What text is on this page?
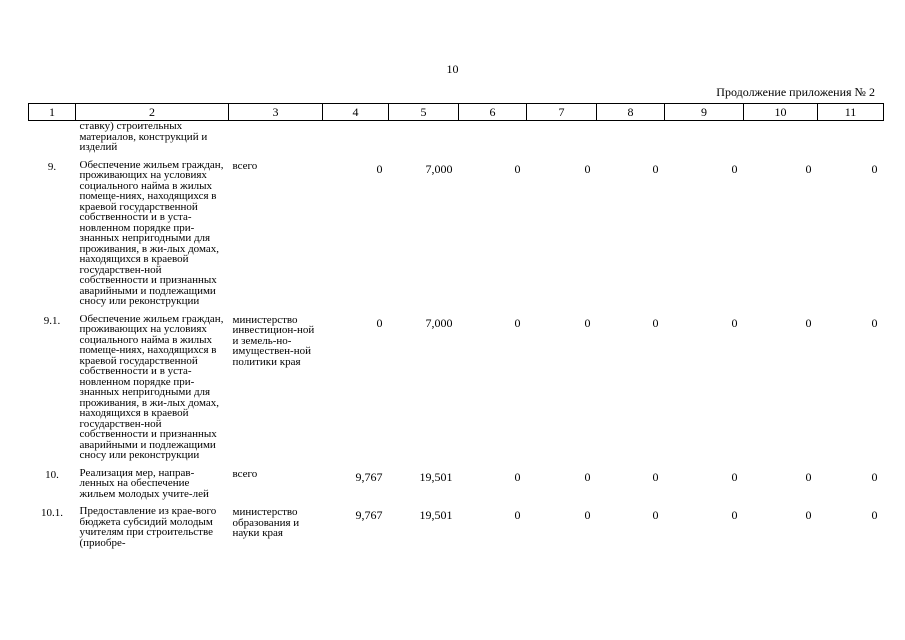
10
Продолжение приложения № 2
1	2	3	4	5	6	7	8	9	10	11
	ставку) строительных материалов, конструкций и изделий									
9.	Обеспечение жильем граждан, проживающих на условиях социального найма в жилых помеще-ниях, находящихся в краевой государственной собственности и в уста-новленном порядке при-знанных непригодными для проживания, в жи-лых домах, находящихся в краевой государствен-ной собственности и признанных аварийными и подлежащими сносу или реконструкции	всего	0	7,000	0	0	0	0	0	0
9.1.	Обеспечение жильем граждан, проживающих на условиях социального найма в жилых помеще-ниях, находящихся в краевой государственной собственности и в уста-новленном порядке при-знанных непригодными для проживания, в жи-лых домах, находящихся в краевой государствен-ной собственности и признанных аварийными и подлежащими сносу или реконструкции	министерство инвестицион-ной и земель-но-имуществен-ной политики края	0	7,000	0	0	0	0	0	0
10.	Реализация мер, направ-ленных на обеспечение жильем молодых учите-лей	всего	9,767	19,501	0	0	0	0	0	0
10.1.	Предоставление из крае-вого бюджета субсидий молодым учителям при строительстве (приобре-	министерство образования и науки края	9,767	19,501	0	0	0	0	0	0
